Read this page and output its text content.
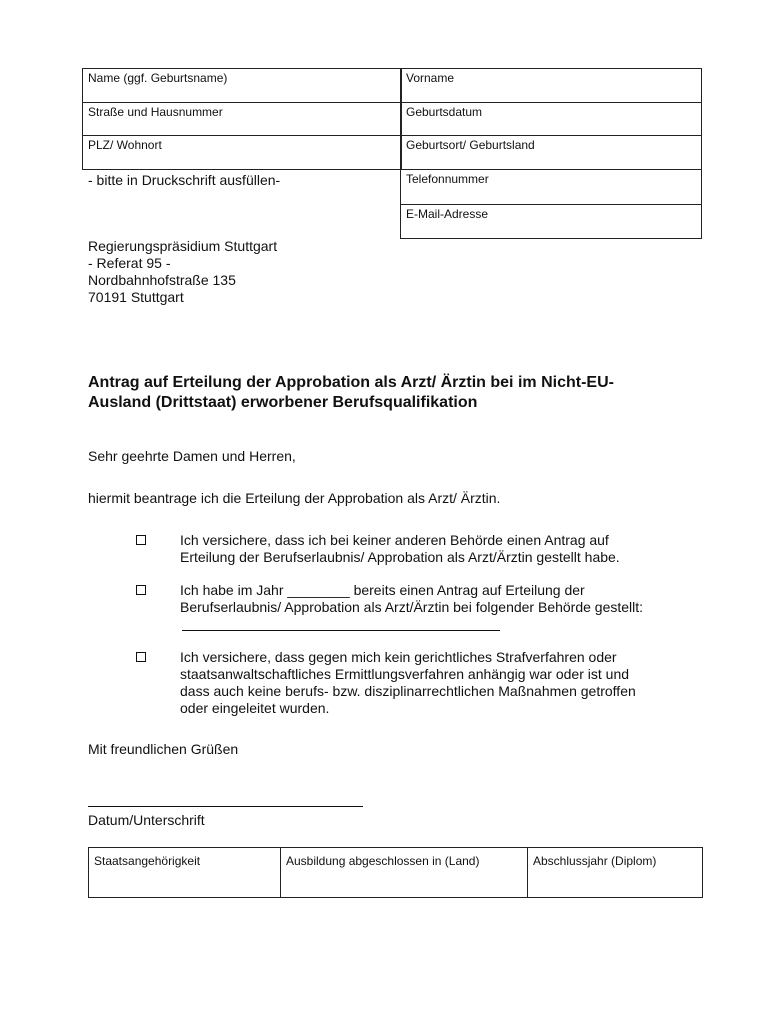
Name (ggf. Geburtsname)
Straße und Hausnummer
PLZ/ Wohnort
Vorname
Geburtsdatum
Geburtsort/ Geburtsland
Telefonnummer
E-Mail-Adresse
- bitte in Druckschrift ausfüllen-
Regierungspräsidium Stuttgart
- Referat 95 -
Nordbahnhofstraße 135
70191 Stuttgart
Antrag auf Erteilung der Approbation als Arzt/ Ärztin bei im Nicht-EU-
Ausland (Drittstaat) erworbener Berufsqualifikation
Sehr geehrte Damen und Herren,
hiermit beantrage ich die Erteilung der Approbation als Arzt/ Ärztin.
Ich versichere, dass ich bei keiner anderen Behörde einen Antrag auf
Erteilung der Berufserlaubnis/ Approbation als Arzt/Ärztin gestellt habe.
Ich habe im Jahr ________ bereits einen Antrag auf Erteilung der
Berufserlaubnis/ Approbation als Arzt/Ärztin bei folgender Behörde gestellt:
Ich versichere, dass gegen mich kein gerichtliches Strafverfahren oder
staatsanwaltschaftliches Ermittlungsverfahren anhängig war oder ist und
dass auch keine berufs- bzw. disziplinarrechtlichen Maßnahmen getroffen
oder eingeleitet wurden.
Mit freundlichen Grüßen
Datum/Unterschrift
Staatsangehörigkeit	Ausbildung abgeschlossen in (Land)	Abschlussjahr (Diplom)
